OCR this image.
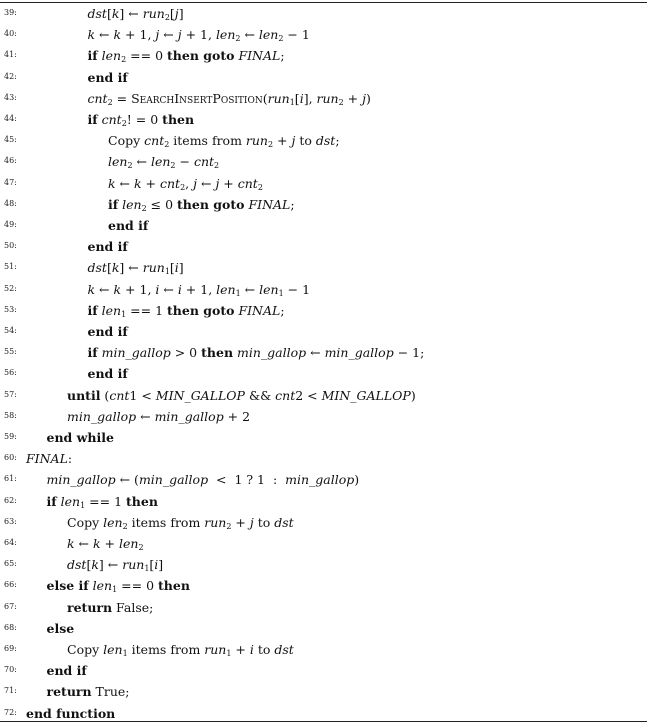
39:	dst[k] ← run$_2$[j]
40:	k ← k + 1, j ← j + 1, len$_2$ ← len$_2$ − 1
41:	if len$_2$ == 0 then goto FINAL;
42:	end if
43:	cnt$_2$ = SearchInsertPosition(run$_1$[i], run$_2$ + j)
44:	if cnt$_2$! = 0 then
45:	Copy cnt$_2$ items from run$_2$ + j to dst;
46:	len$_2$ ← len$_2$ − cnt$_2$
47:	k ← k + cnt$_2$, j ← j + cnt$_2$
48:	if len$_2$ ≤ 0 then goto FINAL;
49:	end if
50:	end if
51:	dst[k] ← run$_1$[i]
52:	k ← k + 1, i ← i + 1, len$_1$ ← len$_1$ − 1
53:	if len$_1$ == 1 then goto FINAL;
54:	end if
55:	if min_gallop > 0 then min_gallop ← min_gallop − 1;
56:	end if
57:	until (cnt1 < MIN_GALLOP && cnt2 < MIN_GALLOP)
58:	min_gallop ← min_gallop + 2
59: end while
60: FINAL:
61: min_gallop ← (min_gallop  <  1 ? 1  :  min_gallop)
62: if len$_1$ == 1 then
63:	Copy len$_2$ items from run$_2$ + j to dst
64:	k ← k + len$_2$
65:	dst[k] ← run$_1$[i]
66: else if len$_1$ == 0 then
67:	return False;
68: else
69:	Copy len$_1$ items from run$_1$ + i to dst
70: end if
71: return True;
72: end function
